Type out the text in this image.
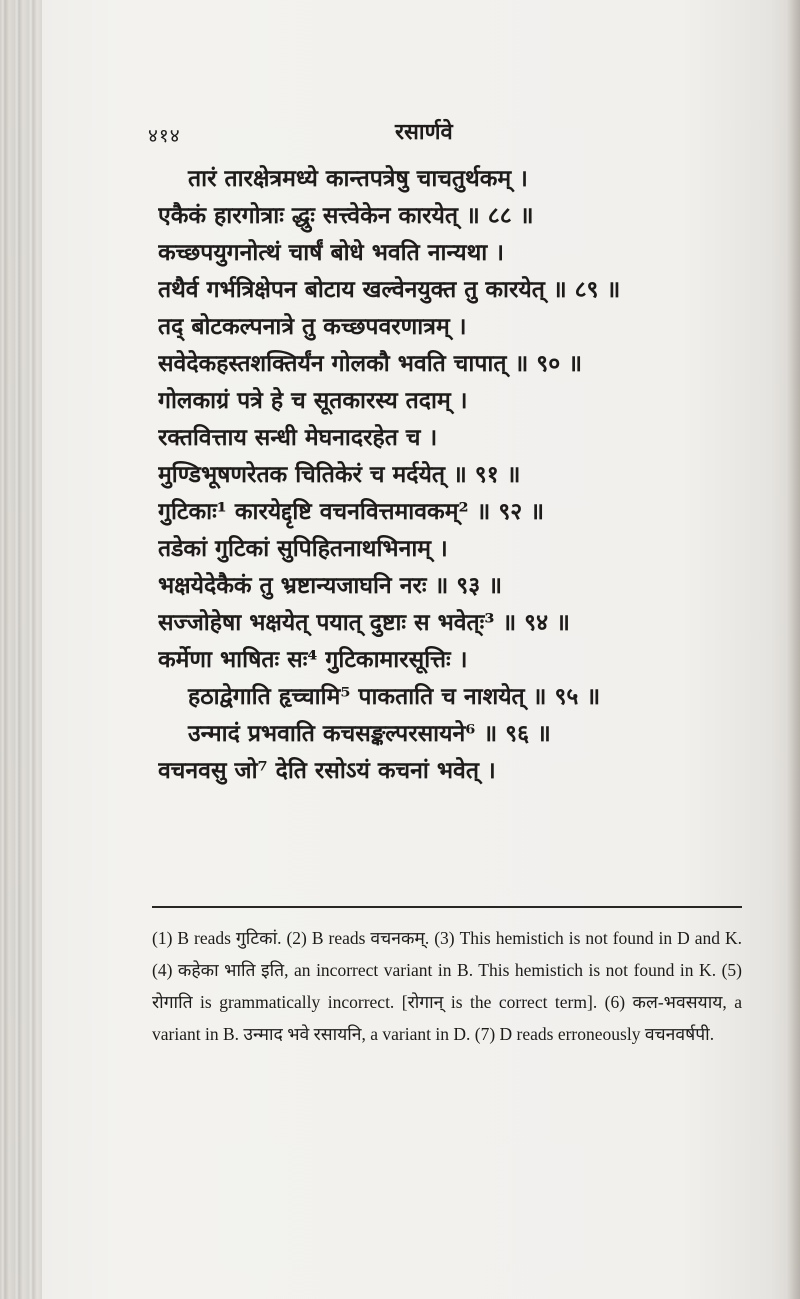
४१४	रसार्णवे
तारं तारक्षेत्रमध्ये कान्तपत्रेषु चाचतुर्थकम् ।
एकैकं हारगोत्राः द्धुः सत्त्वेकेन कारयेत् ॥ ८८ ॥
कच्छपयुगनोत्थं चार्षं बोधे भवति नान्यथा ।
तथैर्व गर्भत्रिक्षेपन बोटाय खल्वेनयुक्त तु कारयेत् ॥ ८९ ॥
तद् बोटकल्पनात्रे तु कच्छपवरणात्रम् ।
सवेदेकहस्तशक्तिर्यंन गोलकौ भवति चापात् ॥ ९० ॥
गोलकाग्रं पत्रे हे च सूतकारस्य तदाम् ।
रक्तवित्ताय सन्धी मेघनादरहेत च ।
मुण्डिभूषणरेतक चितिकेरं च मर्दयेत् ॥ ९१ ॥
गुटिकाः¹ कारयेद्दृष्टि वचनवित्तमावकम्² ॥ ९२ ॥
तडेकां गुटिकां सुपिहितनाथभिनाम् ।
भक्षयेदेकैकं तु भ्रष्टान्यजाघनि नरः ॥ ९३ ॥
सज्जोहेषा भक्षयेत् पयात् दुष्टाः स भवेत्ः³ ॥ ९४ ॥
कर्मेणा भाषितः सः⁴ गुटिकामारसूत्तिः ।
हठाद्वेगाति हृच्चामि⁵ पाकताति च नाशयेत् ॥ ९५ ॥
उन्मादं प्रभवाति कचसङ्कल्परसायने⁶ ॥ ९६ ॥
वचनवसु जो⁷ देति रसोऽयं कचनां भवेत् ।
(1) B reads गुटिकां. (2) B reads वचनकम्. (3) This hemistich is not found in D and K. (4) कहेका भाति इति, an incorrect variant in B. This hemistich is not found in K. (5) रोगाति is grammatically incorrect. [रोगान् is the correct term]. (6) कल-भवसयाय, a variant in B. उन्माद भवे रसायनि, a variant in D. (7) D reads erroneously वचनवर्षपी.
